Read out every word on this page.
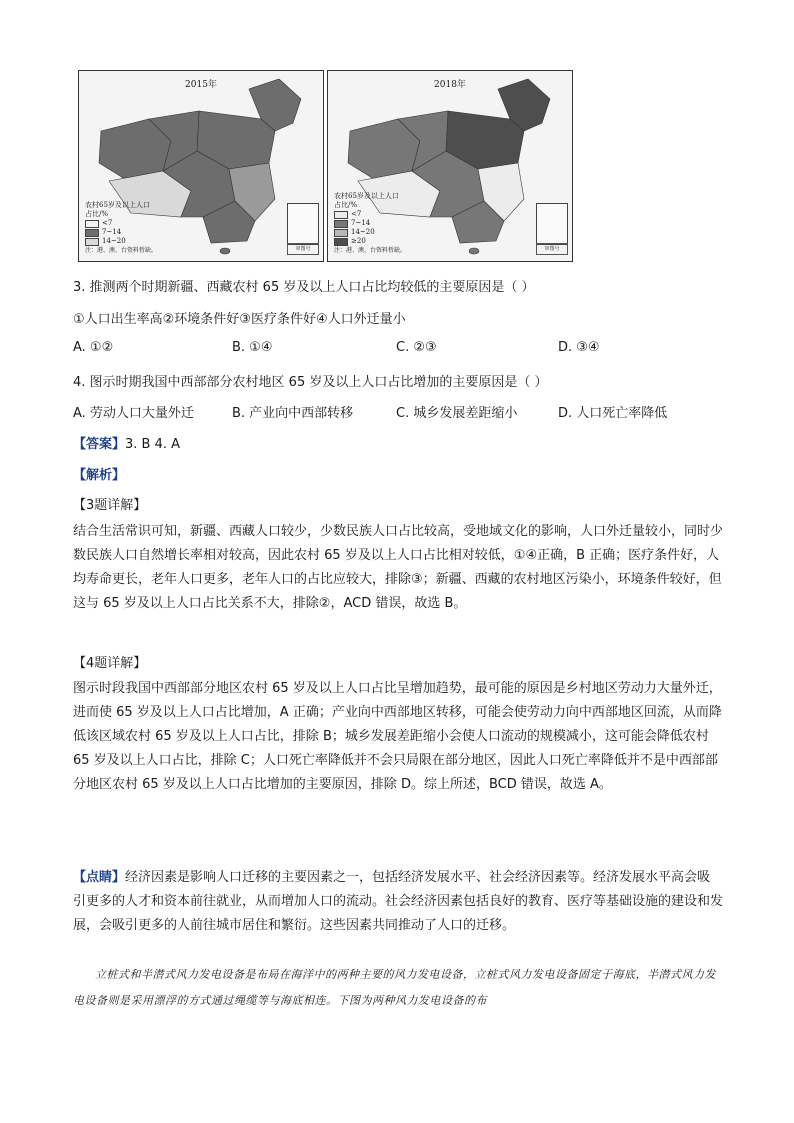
2015年
农村65岁及以上人口占比/%
<7
7~14
14~20
注：港、澳、台资料暂缺。	审图号
2018年
农村65岁及以上人口占比/%
<7
7~14
14~20
≥20
注：港、澳、台资料暂缺。	审图号
3. 推测两个时期新疆、西藏农村 65 岁及以上人口占比均较低的主要原因是（ ）
①人口出生率高②环境条件好③医疗条件好④人口外迁量小
A. ①②	B. ①④	C. ②③	D. ③④
4. 图示时期我国中西部部分农村地区 65 岁及以上人口占比增加的主要原因是（ ）
A. 劳动人口大量外迁	B. 产业向中西部转移	C. 城乡发展差距缩小	D. 人口死亡率降低
【答案】3. B 4. A
【解析】
【3题详解】

结合生活常识可知，新疆、西藏人口较少，少数民族人口占比较高，受地域文化的影响，人口外迁量较小，同时少数民族人口自然增长率相对较高，因此农村 65 岁及以上人口占比相对较低，①④正确，B 正确；医疗条件好，人均寿命更长，老年人口更多，老年人口的占比应较大，排除③；新疆、西藏的农村地区污染小，环境条件较好，但这与 65 岁及以上人口占比关系不大，排除②，ACD 错误，故选 B。

【4题详解】

图示时段我国中西部部分地区农村 65 岁及以上人口占比呈增加趋势，最可能的原因是乡村地区劳动力大量外迁，进而使 65 岁及以上人口占比增加，A 正确；产业向中西部地区转移，可能会使劳动力向中西部地区回流，从而降低该区域农村 65 岁及以上人口占比，排除 B；城乡发展差距缩小会使人口流动的规模减小，这可能会降低农村 65 岁及以上人口占比，排除 C；人口死亡率降低并不会只局限在部分地区，因此人口死亡率降低并不是中西部部分地区农村 65 岁及以上人口占比增加的主要原因，排除 D。综上所述，BCD 错误，故选 A。

【点睛】经济因素是影响人口迁移的主要因素之一，包括经济发展水平、社会经济因素等。经济发展水平高会吸引更多的人才和资本前往就业，从而增加人口的流动。社会经济因素包括良好的教育、医疗等基础设施的建设和发展，会吸引更多的人前往城市居住和繁衍。这些因素共同推动了人口的迁移。

立桩式和半潜式风力发电设备是布局在海洋中的两种主要的风力发电设备，立桩式风力发电设备固定于海底，半潜式风力发电设备则是采用漂浮的方式通过绳缆等与海底相连。下图为两种风力发电设备的布
